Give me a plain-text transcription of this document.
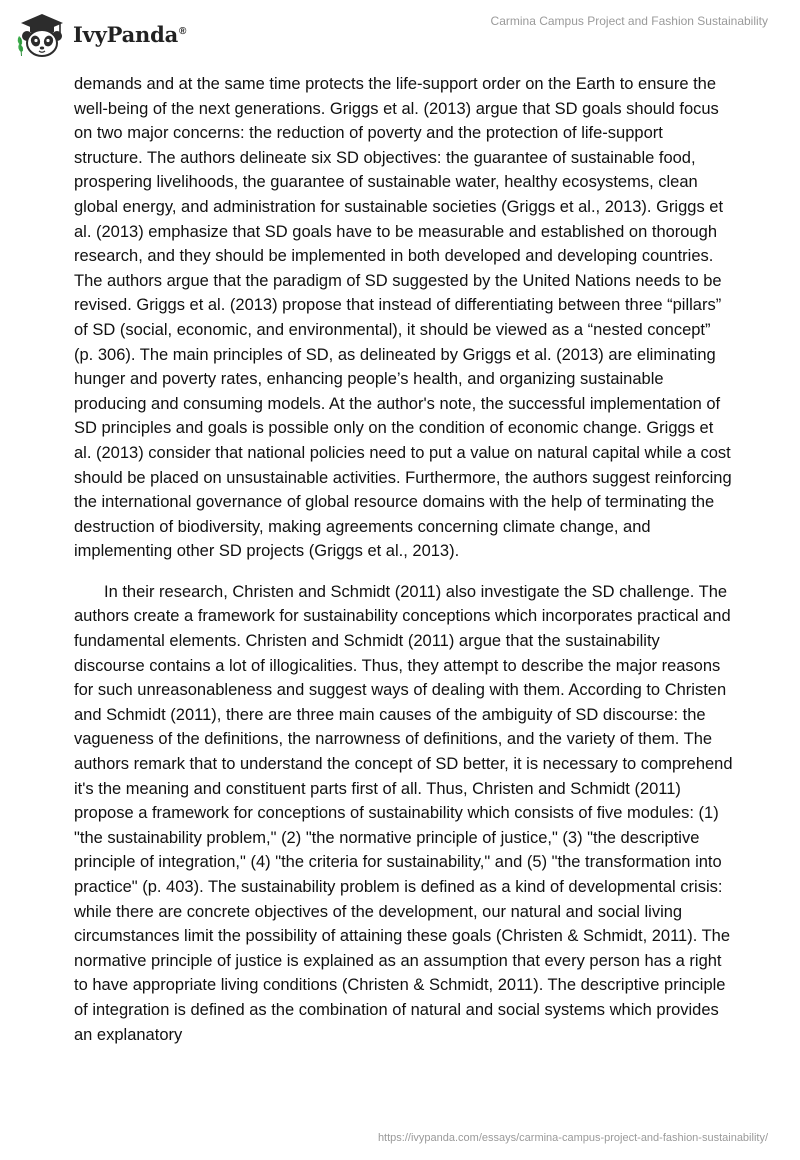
IvyPanda®
Carmina Campus Project and Fashion Sustainability

demands and at the same time protects the life-support order on the Earth to ensure the well-being of the next generations. Griggs et al. (2013) argue that SD goals should focus on two major concerns: the reduction of poverty and the protection of life-support structure. The authors delineate six SD objectives: the guarantee of sustainable food, prospering livelihoods, the guarantee of sustainable water, healthy ecosystems, clean global energy, and administration for sustainable societies (Griggs et al., 2013). Griggs et al. (2013) emphasize that SD goals have to be measurable and established on thorough research, and they should be implemented in both developed and developing countries. The authors argue that the paradigm of SD suggested by the United Nations needs to be revised. Griggs et al. (2013) propose that instead of differentiating between three “pillars” of SD (social, economic, and environmental), it should be viewed as a “nested concept” (p. 306). The main principles of SD, as delineated by Griggs et al. (2013) are eliminating hunger and poverty rates, enhancing people’s health, and organizing sustainable producing and consuming models. At the author's note, the successful implementation of SD principles and goals is possible only on the condition of economic change. Griggs et al. (2013) consider that national policies need to put a value on natural capital while a cost should be placed on unsustainable activities. Furthermore, the authors suggest reinforcing the international governance of global resource domains with the help of terminating the destruction of biodiversity, making agreements concerning climate change, and implementing other SD projects (Griggs et al., 2013).

In their research, Christen and Schmidt (2011) also investigate the SD challenge. The authors create a framework for sustainability conceptions which incorporates practical and fundamental elements. Christen and Schmidt (2011) argue that the sustainability discourse contains a lot of illogicalities. Thus, they attempt to describe the major reasons for such unreasonableness and suggest ways of dealing with them. According to Christen and Schmidt (2011), there are three main causes of the ambiguity of SD discourse: the vagueness of the definitions, the narrowness of definitions, and the variety of them. The authors remark that to understand the concept of SD better, it is necessary to comprehend it's the meaning and constituent parts first of all. Thus, Christen and Schmidt (2011) propose a framework for conceptions of sustainability which consists of five modules: (1) "the sustainability problem," (2) "the normative principle of justice," (3) "the descriptive principle of integration," (4) "the criteria for sustainability," and (5) "the transformation into practice" (p. 403). The sustainability problem is defined as a kind of developmental crisis: while there are concrete objectives of the development, our natural and social living circumstances limit the possibility of attaining these goals (Christen & Schmidt, 2011). The normative principle of justice is explained as an assumption that every person has a right to have appropriate living conditions (Christen & Schmidt, 2011). The descriptive principle of integration is defined as the combination of natural and social systems which provides an explanatory

https://ivypanda.com/essays/carmina-campus-project-and-fashion-sustainability/
